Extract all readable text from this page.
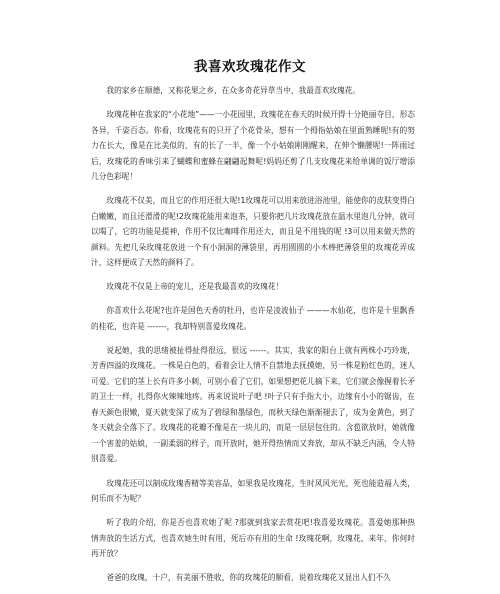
我喜欢玫瑰花作文

我的家乡在顺德，又称花果之乡，在众多奇花异草当中，我最喜欢玫瑰花。

玫瑰花种在我家的“小花地”——一小花园里，玫瑰花在春天的时候开得十分艳丽夺目，形态各异，千姿百态。你看，玫瑰花有的只开了个花骨朵，想有一个拇指姑娘在里面熟睡呢!有的努力在长大，像是在比美似的，有的长了一半，像一个小姑娘刚刚醒来，在伸个懒腰呢!一阵雨过后，玫瑰花的香味引来了蝴蝶和蜜蜂在翩翩起舞呢!妈妈还剪了几支玫瑰花来给单调的饭厅增添几分色彩呢！

玫瑰花不仅美，而且它的作用还很大呢!1玫瑰花可以用来放进浴池里，能使你的皮肤变得白白嫩嫩，而且还滑滑的呢!2玫瑰花能用来泡茶，只要你把几片玫瑰花放在温水里泡几分钟，就可以喝了，它的功能是提神，作用不仅比咖啡作用还大，而且是不用钱的呢 !3可以用来做天然的颜料。先把几朵玫瑰花放进一个有小洞洞的薄袋里，再用圆圆的小木棒把薄袋里的玫瑰花弄成汁，这样便成了天然的颜料了。

玫瑰花不仅是上帝的宠儿，还是我最喜欢的玫瑰花！

你喜欢什么花呢?也许是国色天香的牡丹，也许是凌波仙子 ———水仙花，也许是十里飘香的桂花，也许是 -------，我却特别喜爱玫瑰花。

说起她，我的思绪被扯得扯得很远，很远 ------。其实，我家的阳台上就有两株小巧玲珑，芳香四溢的玫瑰花。一株是白色的，看着会让人情不自禁地去抚摸她，另一株是粉红色的，迷人可爱。它们的茎上长有许多小刺，可别小看了它们，如果想把花儿摘下来，它们就会像握着长矛的卫士一样，扎得你火辣辣地疼。再来说说叶子吧 !叶子只有手指大小，边缘有小小的锯齿，在春天颜色很嫩，夏天就变深了成为了碧绿和墨绿色，而秋天绿色渐渐褪去了，成为金黄色，到了冬天就会全落下了。玫瑰花的花瓣不像是在一块儿的，而是一层层包住的。含苞欲放时，她就像一个害羞的姑娘，一副柔弱的样子，而开放时，她开得热情而又奔放，却从不缺乏内涵，令人特别喜爱。

玫瑰花还可以制成玫瑰香精等美容品，如果我是玫瑰花，生时风风光光，死也能造福人类，何乐而不为呢？

听了我的介绍，你是否也喜欢她了呢 ?那就到我家去赏花吧!我喜爱玫瑰花。喜爱她那种热情奔放的生活方式，也喜欢她生时有用，死后亦有用的生命 !玫瑰花啊，玫瑰花，来年，你何时再开放？

爸爸的玫瑰，十户，有美丽不胜收，你的玫瑰花的顺看，说着玫瑰花又显出人们不久
